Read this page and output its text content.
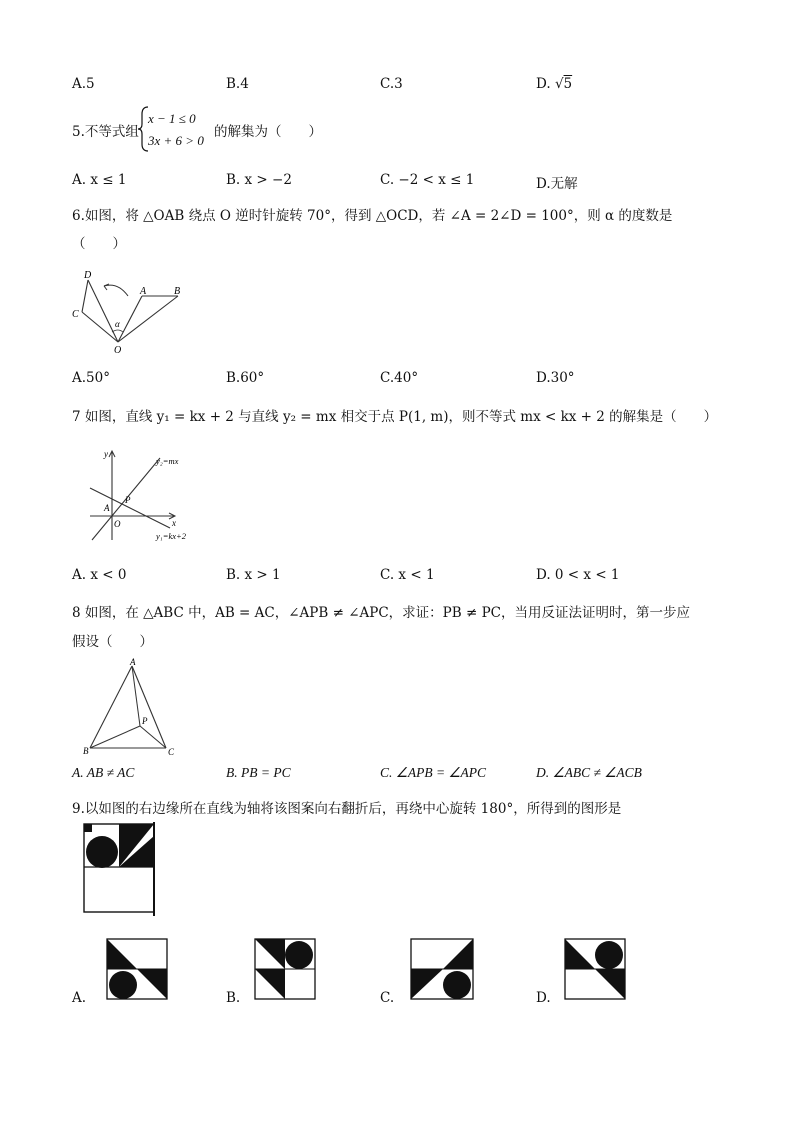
A.5	B.4	C.3	D. √5
5.不等式组
x − 1 ≤ 0
3x + 6 > 0
的解集为（　　）
A. x ≤ 1	B. x > −2	C. −2 < x ≤ 1	D.无解
6.如图，将 △OAB 绕点 O 逆时针旋转 70°，得到 △OCD，若 ∠A = 2∠D = 100°，则 α 的度数是
（　　）
D
C
A	B
O
α
A.50°	B.60°	C.40°	D.30°
7 如图，直线 y₁ = kx + 2 与直线 y₂ = mx 相交于点 P(1, m)，则不等式 mx < kx + 2 的解集是（　　）
y
x
O
A
P
y₂=mx
y₁=kx+2
A. x < 0	B. x > 1	C. x < 1	D. 0 < x < 1
8 如图，在 △ABC 中，AB = AC，∠APB ≠ ∠APC，求证：PB ≠ PC，当用反证法证明时，第一步应
假设（　　）
A
B	C
P
A. AB ≠ AC	B. PB = PC	C. ∠APB = ∠APC	D. ∠ABC ≠ ∠ACB
9.以如图的右边缘所在直线为轴将该图案向右翻折后，再绕中心旋转 180°，所得到的图形是
A.	B.	C.	D.
